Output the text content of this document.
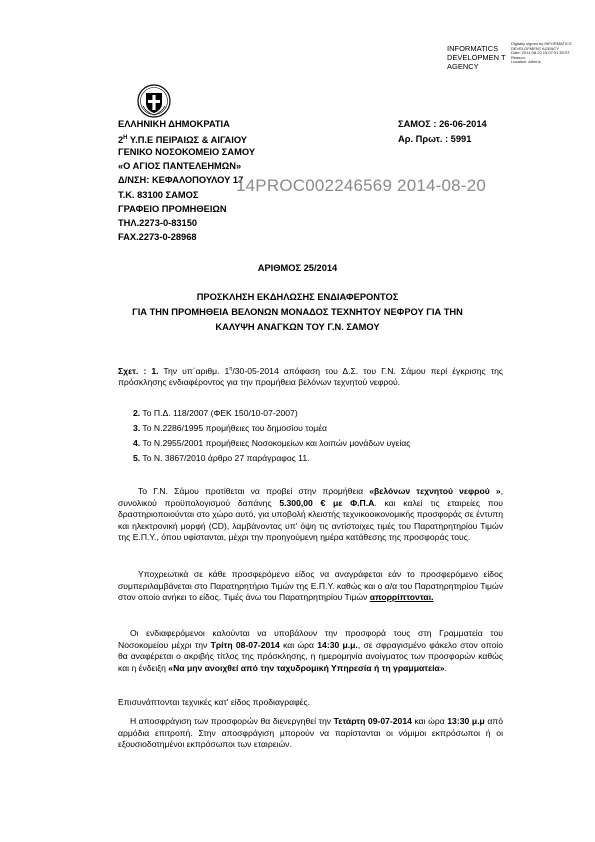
INFORMATICS DEVELOPMEN T AGENCY
Digitally signed by INFORMATICS DEVELOPMENT AGENCY
Date: 2014.08.20 15:07:31 EEST
Reason:
Location: Athens
ΕΛΛΗΝΙΚΗ ΔΗΜΟΚΡΑΤΙΑ
$2^H$ Υ.Π.Ε ΠΕΙΡΑΙΩΣ & ΑΙΓΑΙΟΥ
ΓΕΝΙΚΟ ΝΟΣΟΚΟΜΕΙΟ ΣΑΜΟΥ
«Ο ΑΓΙΟΣ ΠΑΝΤΕΛΕΗΜΩΝ»
Δ/ΝΣΗ: ΚΕΦΑΛΟΠΟΥΛΟΥ 17
Τ.Κ. 83100 ΣΑΜΟΣ
ΓΡΑΦΕΙΟ ΠΡΟΜΗΘΕΙΩΝ
ΤΗΛ.2273-0-83150
FAX.2273-0-28968
ΣΑΜΟΣ : 26-06-2014
Αρ. Πρωτ. : 5991
14PROC002246569 2014-08-20
ΑΡΙΘΜΟΣ 25/2014
ΠΡΟΣΚΛΗΣΗ ΕΚΔΗΛΩΣΗΣ ΕΝΔΙΑΦΕΡΟΝΤΟΣ
ΓΙΑ ΤΗΝ ΠΡΟΜΗΘΕΙΑ ΒΕΛΟΝΩΝ ΜΟΝΑΔΟΣ ΤΕΧΝΗΤΟΥ ΝΕΦΡΟΥ ΓΙΑ ΤΗΝ
ΚΑΛΥΨΗ ΑΝΑΓΚΩΝ ΤΟΥ Γ.Ν. ΣΑΜΟΥ
Σχετ. : 1. Την υπ΄αριθμ. $1^\eta/30-05-2014$ απόφαση του Δ.Σ. του Γ.Ν. Σάμου περί έγκρισης της πρόσκλησης ενδιαφέροντος για την προμήθεια βελόνων τεχνητού νεφρού.
2. Το Π.Δ. 118/2007 (ΦΕΚ 150/10-07-2007)
3. Το Ν.2286/1995 προμήθειες του δημοσίου τομέα
4. Το Ν.2955/2001 προμήθειες Νοσοκομείων και λοιπών μονάδων υγείας
5. Το Ν. 3867/2010 άρθρο 27 παράγραφος 11.
Το Γ.Ν. Σάμου προτίθεται να προβεί στην προμήθεια «βελόνων τεχνητού νεφρού », συνολικού προϋπολογισμού δαπάνης 5.300,00 € με Φ.Π.Α. και καλεί τις εταιρείες που δραστηριοποιούνται στο χώρο αυτό, για υποβολή κλειστής τεχνικοοικονομικής προσφοράς σε έντυπη και ηλεκτρονική μορφή (CD), λαμβάνοντας υπ' όψη τις αντίστοιχες τιμές του Παρατηρητηρίου Τιμών της Ε.Π.Υ., όπου υφίστανται, μέχρι την προηγούμενη ημέρα κατάθεσης της προσφοράς τους.
Υποχρεωτικά σε κάθε προσφερόμενο είδος να αναγράφεται εάν το προσφερόμενο είδος συμπεριλαμβάνεται στο Παρατηρητήριο Τιμών της Ε.Π.Υ. καθώς και ο α/α του Παρατηρητηρίου Τιμών στον οποίο ανήκει το είδος. Τιμές άνω του Παρατηρητηρίου Τιμών απορρίπτονται.
Οι ενδιαφερόμενοι καλούνται να υποβάλουν την προσφορά τους στη Γραμματεία του Νοσοκομείου μέχρι την Τρίτη 08-07-2014 και ώρα 14:30 μ.μ., σε σφραγισμένο φάκελο στον οποίο θα αναφέρεται ο ακριβής τίτλος της πρόσκλησης, η ημερομηνία ανοίγματος των προσφορών καθώς και η ένδειξη «Να μην ανοιχθεί από την ταχυδρομική Υπηρεσία ή τη γραμματεία».
Επισυνάπτονται τεχνικές κατ' είδος προδιαγραφές.
Η αποσφράγιση των προσφορών θα διενεργηθεί την Τετάρτη 09-07-2014 και ώρα 13:30 μ.μ από αρμόδια επιτροπή. Στην αποσφράγιση μπορούν να παρίστανται οι νόμιμοι εκπρόσωποι ή οι εξουσιοδοτημένοι εκπρόσωποι των εταιρειών.
